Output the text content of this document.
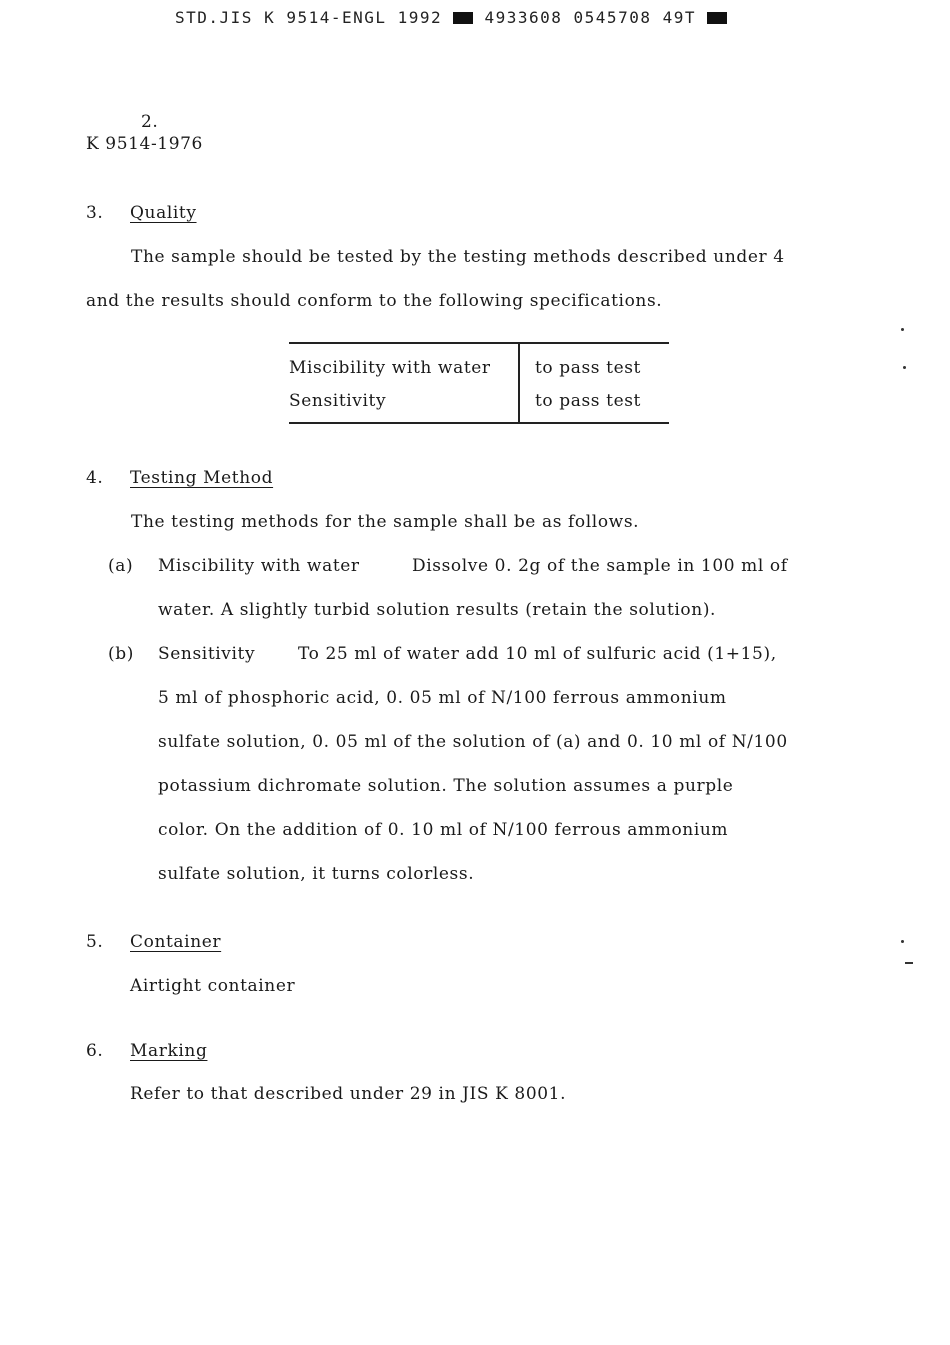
STD.JIS K 9514-ENGL 1992	4933608 0545708 49T
2.
K 9514-1976
3. Quality
The sample should be tested by the testing methods described under 4
and the results should conform to the following specifications.
Miscibility with water	to pass test
Sensitivity	to pass test
4. Testing Method
The testing methods for the sample shall be as follows.
(a) Miscibility with water	Dissolve 0. 2g of the sample in 100 ml of
water. A slightly turbid solution results (retain the solution).
(b) Sensitivity	To 25 ml of water add 10 ml of sulfuric acid (1+15),
5 ml of phosphoric acid, 0. 05 ml of N/100 ferrous ammonium
sulfate solution, 0. 05 ml of the solution of (a) and 0. 10 ml of N/100
potassium dichromate solution. The solution assumes a purple
color. On the addition of 0. 10 ml of N/100 ferrous ammonium
sulfate solution, it turns colorless.
5. Container
Airtight container
6. Marking
Refer to that described under 29 in JIS K 8001.
